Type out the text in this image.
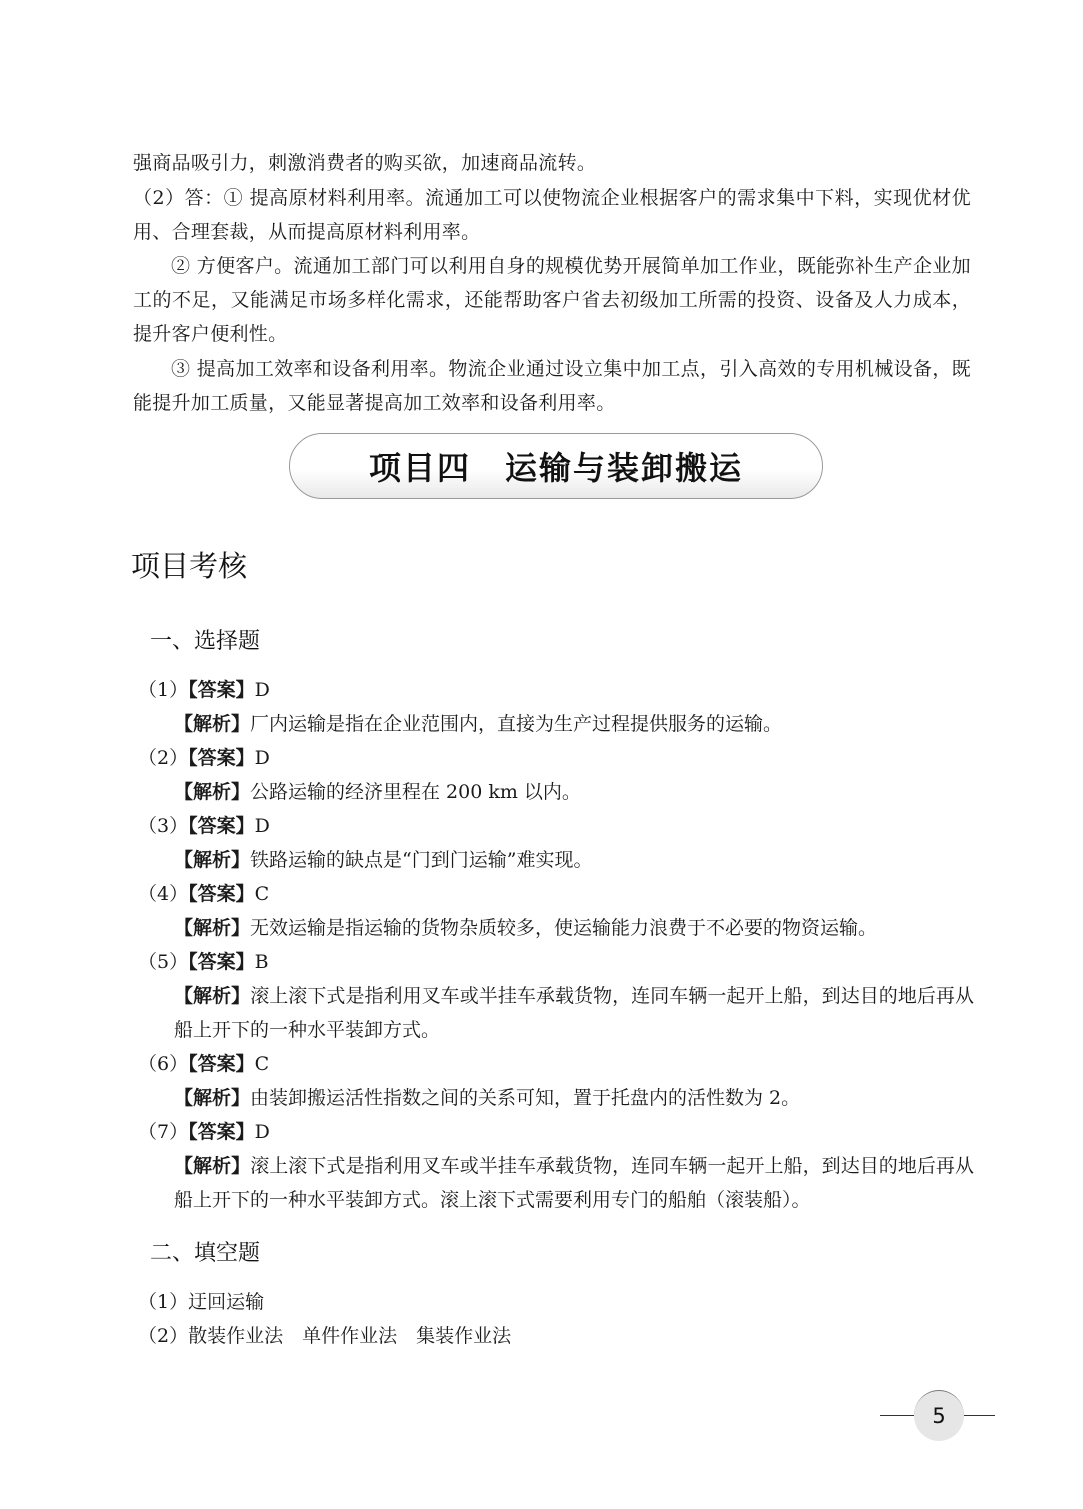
强商品吸引力，刺激消费者的购买欲，加速商品流转。
（2）答：① 提高原材料利用率。流通加工可以使物流企业根据客户的需求集中下料，实现优材优用、合理套裁，从而提高原材料利用率。
② 方便客户。流通加工部门可以利用自身的规模优势开展简单加工作业，既能弥补生产企业加工的不足，又能满足市场多样化需求，还能帮助客户省去初级加工所需的投资、设备及人力成本，提升客户便利性。
③ 提高加工效率和设备利用率。物流企业通过设立集中加工点，引入高效的专用机械设备，既能提升加工质量，又能显著提高加工效率和设备利用率。
项目四　运输与装卸搬运
项目考核
一、选择题
（1）【答案】D
【解析】厂内运输是指在企业范围内，直接为生产过程提供服务的运输。
（2）【答案】D
【解析】公路运输的经济里程在 200 km 以内。
（3）【答案】D
【解析】铁路运输的缺点是“门到门运输”难实现。
（4）【答案】C
【解析】无效运输是指运输的货物杂质较多，使运输能力浪费于不必要的物资运输。
（5）【答案】B
【解析】滚上滚下式是指利用叉车或半挂车承载货物，连同车辆一起开上船，到达目的地后再从船上开下的一种水平装卸方式。
（6）【答案】C
【解析】由装卸搬运活性指数之间的关系可知，置于托盘内的活性数为 2。
（7）【答案】D
【解析】滚上滚下式是指利用叉车或半挂车承载货物，连同车辆一起开上船，到达目的地后再从船上开下的一种水平装卸方式。滚上滚下式需要利用专门的船舶（滚装船）。
二、填空题
（1）迂回运输
（2）散装作业法　单件作业法　集装作业法
5
